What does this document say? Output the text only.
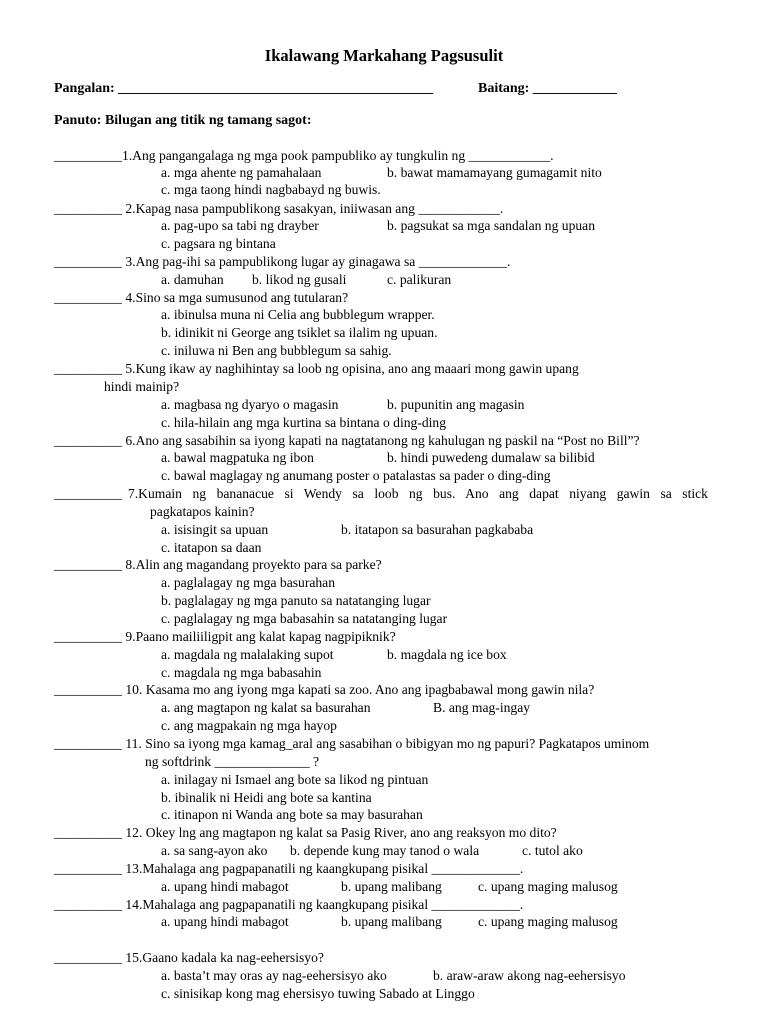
Ikalawang Markahang Pagsusulit
Pangalan: _____________________________________________	Baitang: ____________
Panuto: Bilugan ang titik ng tamang sagot:
__________1.Ang pangangalaga ng mga pook pampubliko ay tungkulin ng ____________.
a. mga ahente ng pamahalaan	b. bawat mamamayang gumagamit nito
c. mga taong hindi nagbabayd ng buwis.
__________ 2.Kapag nasa pampublikong sasakyan, iniiwasan ang ____________.
a. pag-upo sa tabi ng drayber	b. pagsukat sa mga sandalan ng upuan
c. pagsara ng bintana
__________ 3.Ang pag-ihi sa pampublikong lugar ay ginagawa sa _____________.
a. damuhan b. likod ng gusali	c. palikuran
__________ 4.Sino sa mga sumusunod ang tutularan?
a. ibinulsa muna ni Celia ang bubblegum wrapper.
b. idinikit ni George ang tsiklet sa ilalim ng upuan.
c. iniluwa ni Ben ang bubblegum sa sahig.
__________ 5.Kung ikaw ay naghihintay sa loob ng opisina, ano ang maaari mong gawin upang
hindi mainip?
a. magbasa ng dyaryo o magasin	b. pupunitin ang magasin
c. hila-hilain ang mga kurtina sa bintana o ding-ding
__________ 6.Ano ang sasabihin sa iyong kapati na nagtatanong ng kahulugan ng paskil na “Post no Bill”?
a. bawal magpatuka ng ibon	b. hindi puwedeng dumalaw sa bilibid
c. bawal maglagay ng anumang poster o patalastas sa pader o ding-ding
__________ 7.Kumain ng bananacue si Wendy sa loob ng bus. Ano ang dapat niyang gawin sa stick
pagkatapos kainin?
a. isisingit sa upuan	b. itatapon sa basurahan pagkababa
c. itatapon sa daan
__________ 8.Alin ang magandang proyekto para sa parke?
a. paglalagay ng mga basurahan
b. paglalagay ng mga panuto sa natatanging lugar
c. paglalagay ng mga babasahin sa natatanging lugar
__________ 9.Paano mailiiligpit ang kalat kapag nagpipiknik?
a. magdala ng malalaking supot	b. magdala ng ice box
c. magdala ng mga babasahin
__________ 10. Kasama mo ang iyong mga kapati sa zoo. Ano ang ipagbabawal mong gawin nila?
a. ang magtapon ng kalat sa basurahan	B. ang mag-ingay
c. ang magpakain ng mga hayop
__________ 11. Sino sa iyong mga kamag_aral ang sasabihan o bibigyan mo ng papuri? Pagkatapos uminom
ng softdrink ______________ ?
a. inilagay ni Ismael ang bote sa likod ng pintuan
b. ibinalik ni Heidi ang bote sa kantina
c. itinapon ni Wanda ang bote sa may basurahan
__________ 12. Okey lng ang magtapon ng kalat sa Pasig River, ano ang reaksyon mo dito?
a. sa sang-ayon ako b. depende kung may tanod o wala	c. tutol ako
__________ 13.Mahalaga ang pagpapanatili ng kaangkupang pisikal _____________.
a. upang hindi mabagot	b. upang malibang	c. upang maging malusog
__________ 14.Mahalaga ang pagpapanatili ng kaangkupang pisikal _____________.
a. upang hindi mabagot	b. upang malibang	c. upang maging malusog
__________ 15.Gaano kadala ka nag-eehersisyo?
a. basta’t may oras ay nag-eehersisyo ako	b. araw-araw akong nag-eehersisyo
c. sinisikap kong mag ehersisyo tuwing Sabado at Linggo
